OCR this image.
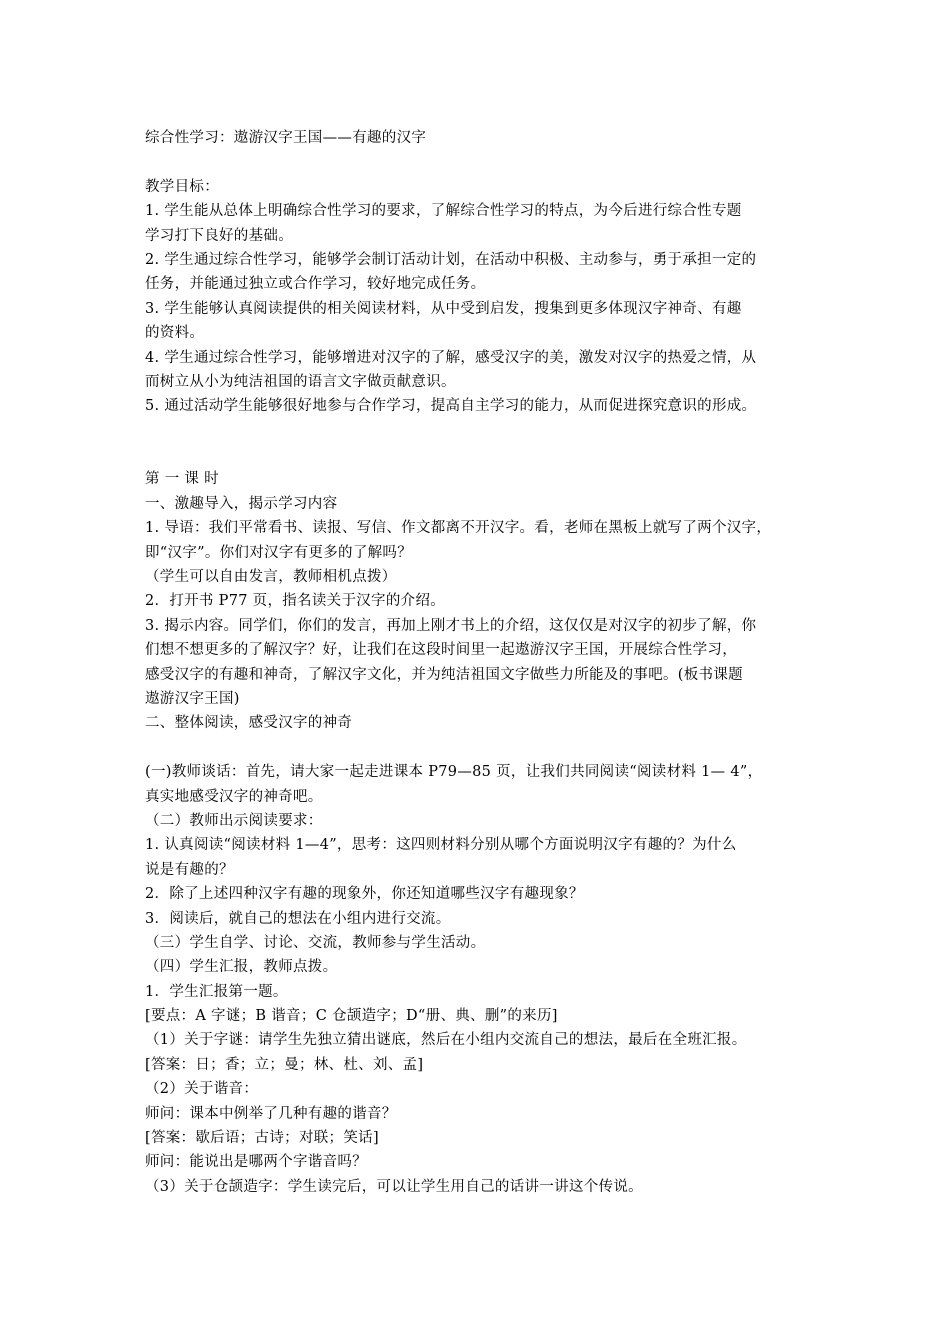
综合性学习：遨游汉字王国——有趣的汉字
教学目标：
1. 学生能从总体上明确综合性学习的要求，了解综合性学习的特点，为今后进行综合性专题
学习打下良好的基础。
2. 学生通过综合性学习，能够学会制订活动计划，在活动中积极、主动参与，勇于承担一定的
任务，并能通过独立或合作学习，较好地完成任务。
3. 学生能够认真阅读提供的相关阅读材料，从中受到启发，搜集到更多体现汉字神奇、有趣
的资料。
4. 学生通过综合性学习，能够增进对汉字的了解，感受汉字的美，激发对汉字的热爱之情，从
而树立从小为纯洁祖国的语言文字做贡献意识。
5. 通过活动学生能够很好地参与合作学习，提高自主学习的能力，从而促进探究意识的形成。
第 一 课 时
一、激趣导入，揭示学习内容
1. 导语：我们平常看书、读报、写信、作文都离不开汉字。看，老师在黑板上就写了两个汉字，
即“汉字”。你们对汉字有更多的了解吗？
（学生可以自由发言，教师相机点拨）
2．打开书 P77 页，指名读关于汉字的介绍。
3. 揭示内容。同学们，你们的发言，再加上刚才书上的介绍，这仅仅是对汉字的初步了解，你
们想不想更多的了解汉字？好，让我们在这段时间里一起遨游汉字王国，开展综合性学习，
感受汉字的有趣和神奇，了解汉字文化，并为纯洁祖国文字做些力所能及的事吧。(板书课题
遨游汉字王国)
二、整体阅读，感受汉字的神奇
(一)教师谈话：首先，请大家一起走进课本 P79—85 页，让我们共同阅读“阅读材料 1— 4”，
真实地感受汉字的神奇吧。
（二）教师出示阅读要求：
1. 认真阅读“阅读材料 1—4”，思考：这四则材料分别从哪个方面说明汉字有趣的？为什么
说是有趣的？
2．除了上述四种汉字有趣的现象外，你还知道哪些汉字有趣现象？
3．阅读后，就自己的想法在小组内进行交流。
（三）学生自学、讨论、交流，教师参与学生活动。
（四）学生汇报，教师点拨。
1．学生汇报第一题。
[要点：A 字谜；B 谐音；C 仓颉造字；D“册、典、删”的来历]
（1）关于字谜：请学生先独立猜出谜底，然后在小组内交流自己的想法，最后在全班汇报。
[答案：日；香；立；曼；林、杜、刘、孟]
（2）关于谐音：
师问：课本中例举了几种有趣的谐音？
[答案：歇后语；古诗；对联；笑话]
师问：能说出是哪两个字谐音吗？
（3）关于仓颉造字：学生读完后，可以让学生用自己的话讲一讲这个传说。
